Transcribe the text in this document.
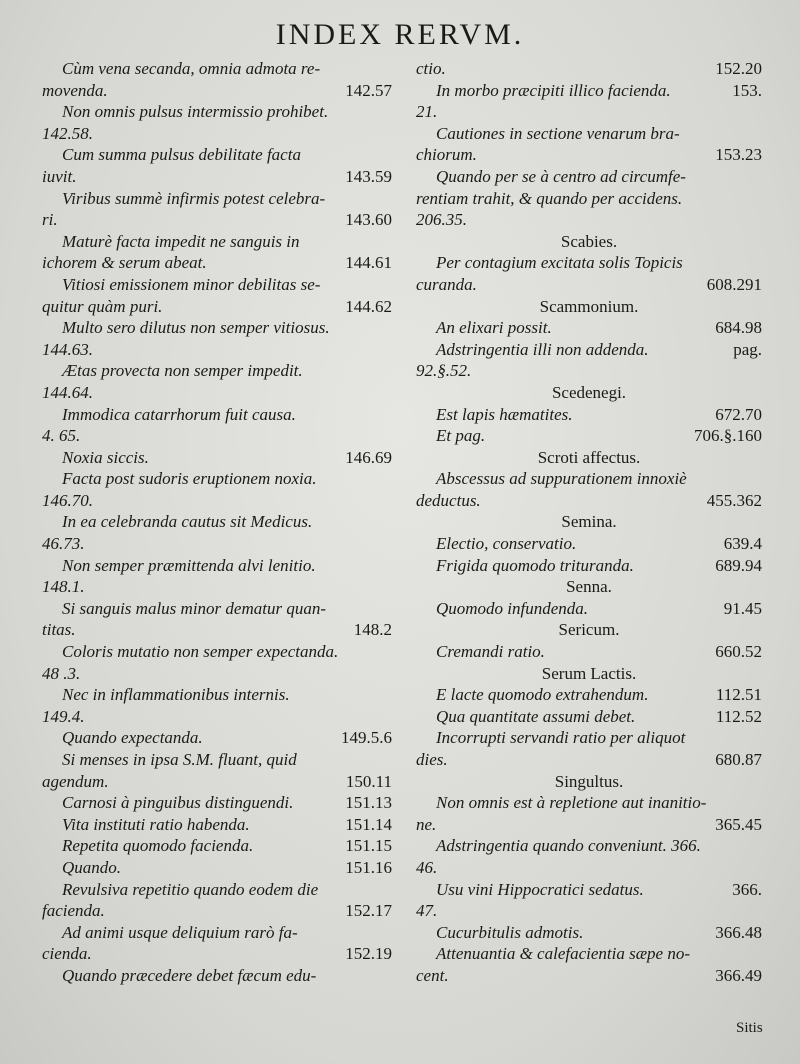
INDEX RERVM.
Cùm vena secanda, omnia admota re-
movenda.	142.57
Non omnis pulsus intermissio prohibet.
142.58.
Cum summa pulsus debilitate facta
iuvit.	143.59
Viribus summè infirmis potest celebra-
ri.	143.60
Maturè facta impedit ne sanguis in
ichorem & serum abeat.	144.61
Vitiosi emissionem minor debilitas se-
quitur quàm puri.	144.62
Multo sero dilutus non semper vitiosus.
144.63.
Ætas provecta non semper impedit.
144.64.
Immodica catarrhorum fuit causa.
4. 65.
Noxia siccis.	146.69
Facta post sudoris eruptionem noxia.
146.70.
In ea celebranda cautus sit Medicus.
46.73.
Non semper præmittenda alvi lenitio.
148.1.
Si sanguis malus minor dematur quan-
titas.	148.2
Coloris mutatio non semper expectanda.
48 .3.
Nec in inflammationibus internis.
149.4.
Quando expectanda.	149.5.6
Si menses in ipsa S.M. fluant, quid
agendum.	150.11
Carnosi à pinguibus distinguendi.	151.13
Vita instituti ratio habenda.	151.14
Repetita quomodo facienda.	151.15
Quando.	151.16
Revulsiva repetitio quando eodem die
facienda.	152.17
Ad animi usque deliquium rarò fa-
cienda.	152.19
Quando præcedere debet fæcum edu-
ctio.	152.20
In morbo præcipiti illico facienda.	153.
21.
Cautiones in sectione venarum bra-
chiorum.	153.23
Quando per se à centro ad circumfe-
rentiam trahit, & quando per accidens.
206.35.
Scabies.
Per contagium excitata solis Topicis
curanda.	608.291
Scammonium.
An elixari possit.	684.98
Adstringentia illi non addenda.	pag.
92.§.52.
Scedenegi.
Est lapis hæmatites.	672.70
Et pag.	706.§.160
Scroti affectus.
Abscessus ad suppurationem innoxiè
deductus.	455.362
Semina.
Electio, conservatio.	639.4
Frigida quomodo trituranda.	689.94
Senna.
Quomodo infundenda.	91.45
Sericum.
Cremandi ratio.	660.52
Serum Lactis.
E lacte quomodo extrahendum.	112.51
Qua quantitate assumi debet.	112.52
Incorrupti servandi ratio per aliquot
dies.	680.87
Singultus.
Non omnis est à repletione aut inanitio-
ne.	365.45
Adstringentia quando conveniunt. 366.
46.
Usu vini Hippocratici sedatus.	366.
47.
Cucurbitulis admotis.	366.48
Attenuantia & calefacientia sæpe no-
cent.	366.49
Sitis
